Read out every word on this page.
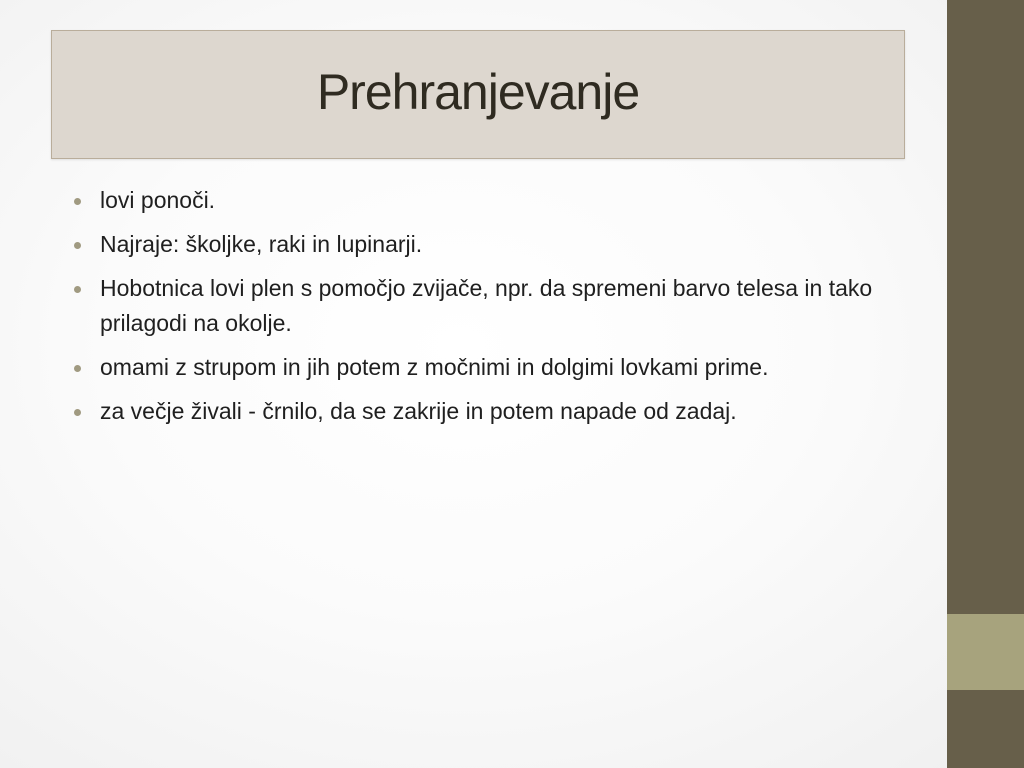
Prehranjevanje
lovi ponoči.
Najraje: školjke, raki in lupinarji.
Hobotnica lovi plen s pomočjo zvijače, npr. da spremeni barvo telesa in tako prilagodi na okolje.
omami z strupom in jih potem z močnimi in dolgimi lovkami prime.
za večje živali - črnilo, da se zakrije in potem napade od zadaj.
